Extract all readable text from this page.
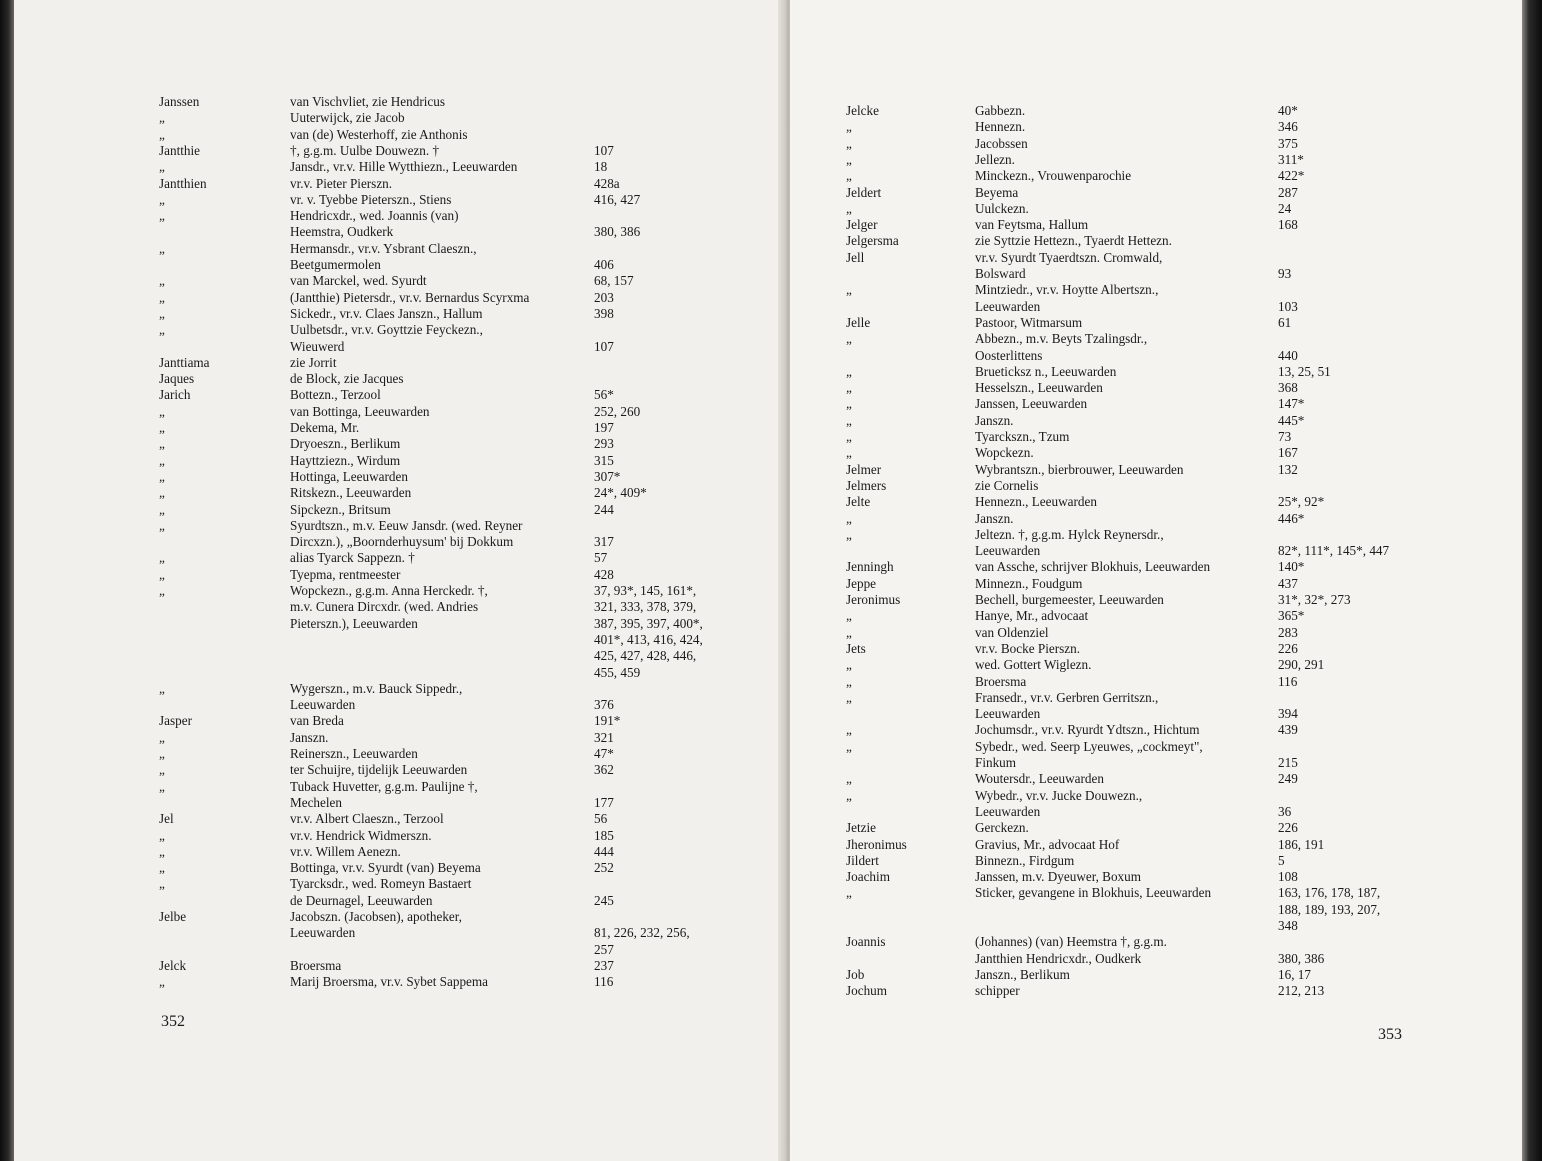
Janssen	van Vischvliet, zie Hendricus
„	Uuterwijck, zie Jacob
„	van (de) Westerhoff, zie Anthonis
Jantthie	†, g.g.m. Uulbe Douwezn. †	107
„	Jansdr., vr.v. Hille Wytthiezn., Leeuwarden	18
Jantthien	vr.v. Pieter Pierszn.	428a
„	vr. v. Tyebbe Pieterszn., Stiens	416, 427
„	Hendricxdr., wed. Joannis (van)
Heemstra, Oudkerk	380, 386
„	Hermansdr., vr.v. Ysbrant Claeszn.,
Beetgumermolen	406
„	van Marckel, wed. Syurdt	68, 157
„	(Jantthie) Pietersdr., vr.v. Bernardus Scyrxma	203
„	Sickedr., vr.v. Claes Janszn., Hallum	398
„	Uulbetsdr., vr.v. Goyttzie Feyckezn.,
Wieuwerd	107
Janttiama	zie Jorrit
Jaques	de Block, zie Jacques
Jarich	Bottezn., Terzool	56*
„	van Bottinga, Leeuwarden	252, 260
„	Dekema, Mr.	197
„	Dryoeszn., Berlikum	293
„	Hayttziezn., Wirdum	315
„	Hottinga, Leeuwarden	307*
„	Ritskezn., Leeuwarden	24*, 409*
„	Sipckezn., Britsum	244
„	Syurdtszn., m.v. Eeuw Jansdr. (wed. Reyner
Dircxzn.), „Boornderhuysum' bij Dokkum	317
„	alias Tyarck Sappezn. †	57
„	Tyepma, rentmeester	428
„	Wopckezn., g.g.m. Anna Herckedr. †,	37, 93*, 145, 161*,
m.v. Cunera Dircxdr. (wed. Andries	321, 333, 378, 379,
Pieterszn.), Leeuwarden	387, 395, 397, 400*,
401*, 413, 416, 424,
425, 427, 428, 446,
455, 459
„	Wygerszn., m.v. Bauck Sippedr.,
Leeuwarden	376
Jasper	van Breda	191*
„	Janszn.	321
„	Reinerszn., Leeuwarden	47*
„	ter Schuijre, tijdelijk Leeuwarden	362
„	Tuback Huvetter, g.g.m. Paulijne †,
Mechelen	177
Jel	vr.v. Albert Claeszn., Terzool	56
„	vr.v. Hendrick Widmerszn.	185
„	vr.v. Willem Aenezn.	444
„	Bottinga, vr.v. Syurdt (van) Beyema	252
„	Tyarcksdr., wed. Romeyn Bastaert
de Deurnagel, Leeuwarden	245
Jelbe	Jacobszn. (Jacobsen), apotheker,
Leeuwarden	81, 226, 232, 256,
257
Jelck	Broersma	237
„	Marij Broersma, vr.v. Sybet Sappema	116
352
Jelcke	Gabbezn.	40*
„	Hennezn.	346
„	Jacobssen	375
„	Jellezn.	311*
„	Minckezn., Vrouwenparochie	422*
Jeldert	Beyema	287
„	Uulckezn.	24
Jelger	van Feytsma, Hallum	168
Jelgersma	zie Syttzie Hettezn., Tyaerdt Hettezn.
Jell	vr.v. Syurdt Tyaerdtszn. Cromwald,
Bolsward	93
„	Mintziedr., vr.v. Hoytte Albertszn.,
Leeuwarden	103
Jelle	Pastoor, Witmarsum	61
„	Abbezn., m.v. Beyts Tzalingsdr.,
Oosterlittens	440
„	Brueticksz n., Leeuwarden	13, 25, 51
„	Hesselszn., Leeuwarden	368
„	Janssen, Leeuwarden	147*
„	Janszn.	445*
„	Tyarckszn., Tzum	73
„	Wopckezn.	167
Jelmer	Wybrantszn., bierbrouwer, Leeuwarden	132
Jelmers	zie Cornelis
Jelte	Hennezn., Leeuwarden	25*, 92*
„	Janszn.	446*
„	Jeltezn. †, g.g.m. Hylck Reynersdr.,
Leeuwarden	82*, 111*, 145*, 447
Jenningh	van Assche, schrijver Blokhuis, Leeuwarden	140*
Jeppe	Minnezn., Foudgum	437
Jeronimus	Bechell, burgemeester, Leeuwarden	31*, 32*, 273
„	Hanye, Mr., advocaat	365*
„	van Oldenziel	283
Jets	vr.v. Bocke Pierszn.	226
„	wed. Gottert Wiglezn.	290, 291
„	Broersma	116
„	Fransedr., vr.v. Gerbren Gerritszn.,
Leeuwarden	394
„	Jochumsdr., vr.v. Ryurdt Ydtszn., Hichtum	439
„	Sybedr., wed. Seerp Lyeuwes, „cockmeyt",
Finkum	215
„	Woutersdr., Leeuwarden	249
„	Wybedr., vr.v. Jucke Douwezn.,
Leeuwarden	36
Jetzie	Gerckezn.	226
Jheronimus	Gravius, Mr., advocaat Hof	186, 191
Jildert	Binnezn., Firdgum	5
Joachim	Janssen, m.v. Dyeuwer, Boxum	108
„	Sticker, gevangene in Blokhuis, Leeuwarden	163, 176, 178, 187,
188, 189, 193, 207,
348
Joannis	(Johannes) (van) Heemstra †, g.g.m.
Jantthien Hendricxdr., Oudkerk	380, 386
Job	Janszn., Berlikum	16, 17
Jochum	schipper	212, 213
353
